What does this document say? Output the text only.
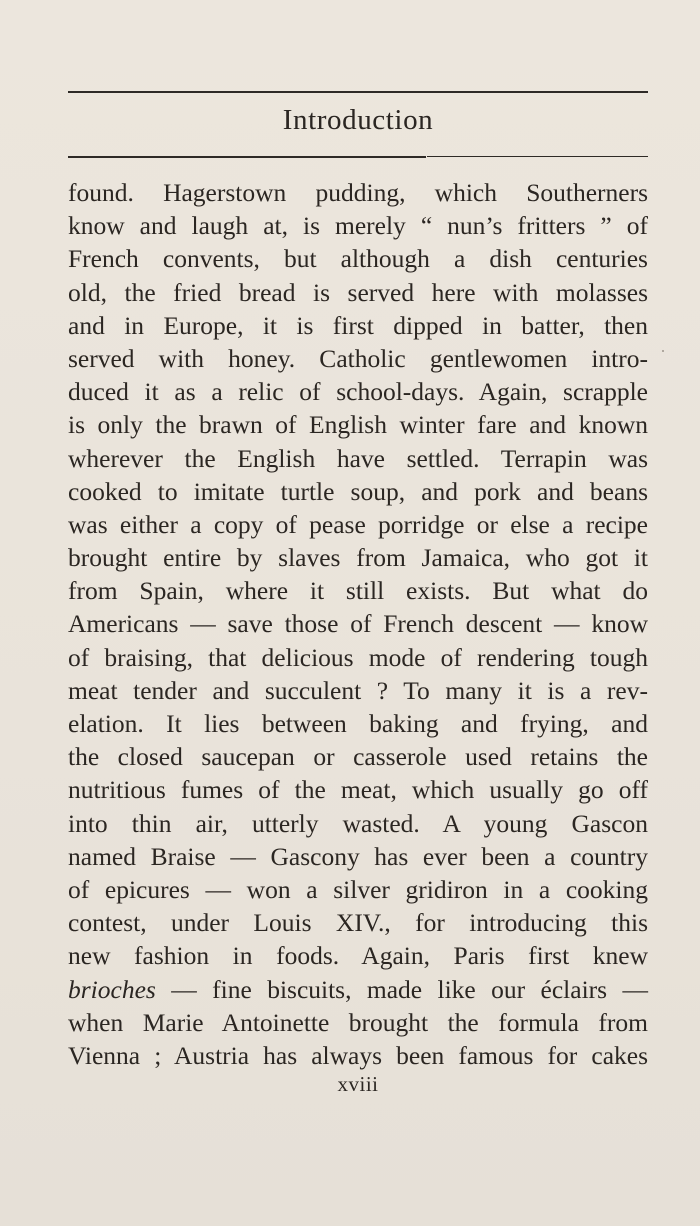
Introduction
found. Hagerstown pudding, which Southerners
know and laugh at, is merely “ nun’s fritters ” of
French convents, but although a dish centuries
old, the fried bread is served here with molasses
and in Europe, it is first dipped in batter, then
served with honey. Catholic gentlewomen intro-
duced it as a relic of school-days. Again, scrapple
is only the brawn of English winter fare and known
wherever the English have settled. Terrapin was
cooked to imitate turtle soup, and pork and beans
was either a copy of pease porridge or else a recipe
brought entire by slaves from Jamaica, who got it
from Spain, where it still exists. But what do
Americans — save those of French descent — know
of braising, that delicious mode of rendering tough
meat tender and succulent ? To many it is a rev-
elation. It lies between baking and frying, and
the closed saucepan or casserole used retains the
nutritious fumes of the meat, which usually go off
into thin air, utterly wasted. A young Gascon
named Braise — Gascony has ever been a country
of epicures — won a silver gridiron in a cooking
contest, under Louis XIV., for introducing this
new fashion in foods. Again, Paris first knew
brioches — fine biscuits, made like our éclairs —
when Marie Antoinette brought the formula from
Vienna ; Austria has always been famous for cakes
xviii
